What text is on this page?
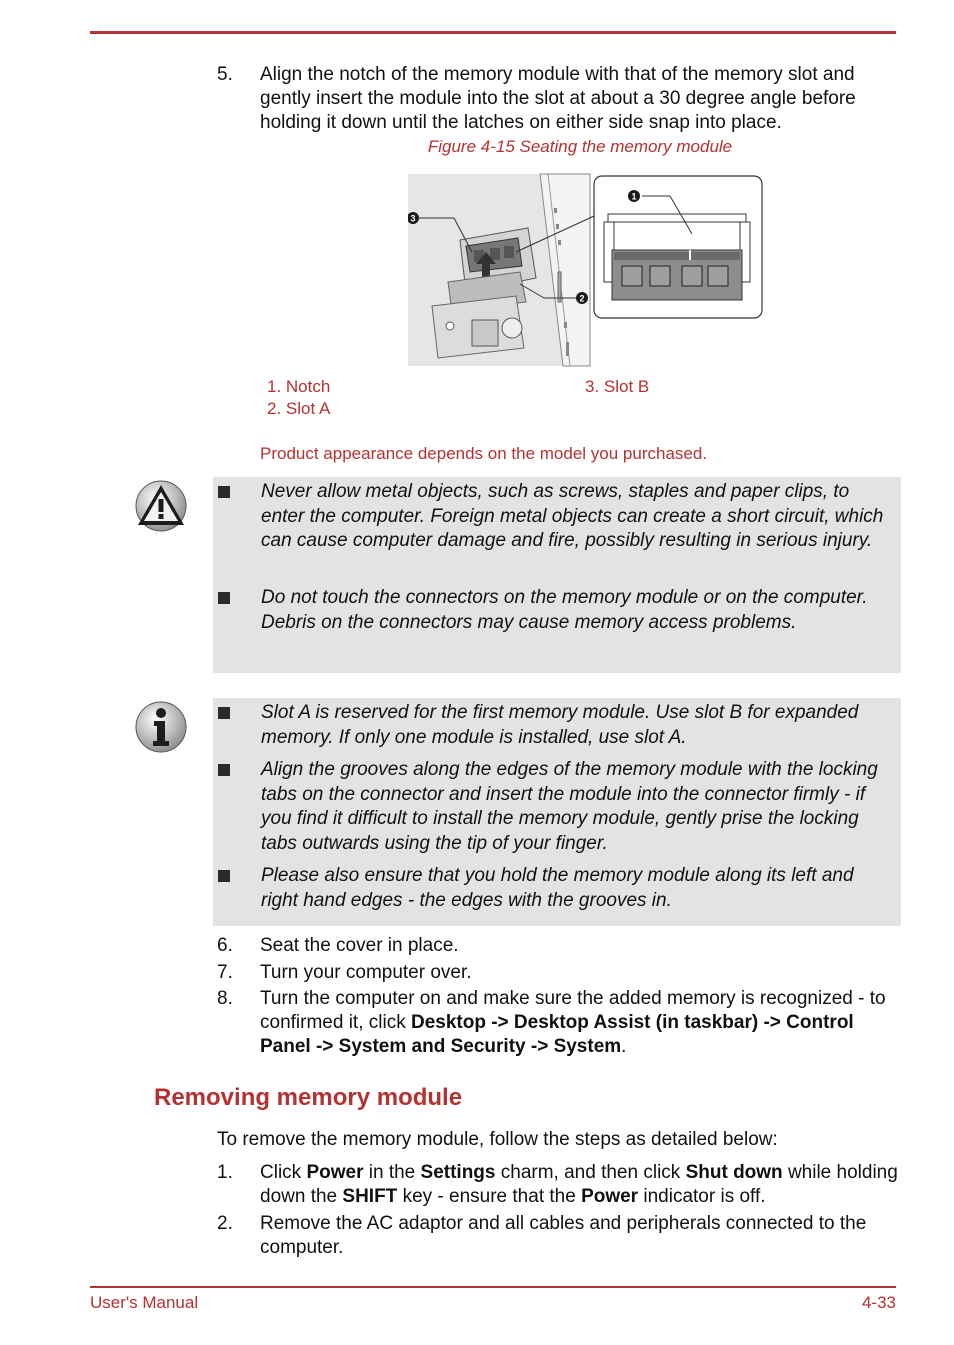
5. Align the notch of the memory module with that of the memory slot and gently insert the module into the slot at about a 30 degree angle before holding it down until the latches on either side snap into place.
Figure 4-15 Seating the memory module
3
2
1
1. Notch	3. Slot B
2. Slot A
Product appearance depends on the model you purchased.
Never allow metal objects, such as screws, staples and paper clips, to enter the computer. Foreign metal objects can create a short circuit, which can cause computer damage and fire, possibly resulting in serious injury.
Do not touch the connectors on the memory module or on the computer. Debris on the connectors may cause memory access problems.
Slot A is reserved for the first memory module. Use slot B for expanded memory. If only one module is installed, use slot A.
Align the grooves along the edges of the memory module with the locking tabs on the connector and insert the module into the connector firmly - if you find it difficult to install the memory module, gently prise the locking tabs outwards using the tip of your finger.
Please also ensure that you hold the memory module along its left and right hand edges - the edges with the grooves in.
6. Seat the cover in place.
7. Turn your computer over.
8. Turn the computer on and make sure the added memory is recognized - to confirmed it, click Desktop -> Desktop Assist (in taskbar) -> Control Panel -> System and Security -> System.
Removing memory module
To remove the memory module, follow the steps as detailed below:
1. Click Power in the Settings charm, and then click Shut down while holding down the SHIFT key - ensure that the Power indicator is off.
2. Remove the AC adaptor and all cables and peripherals connected to the computer.
User's Manual	4-33
